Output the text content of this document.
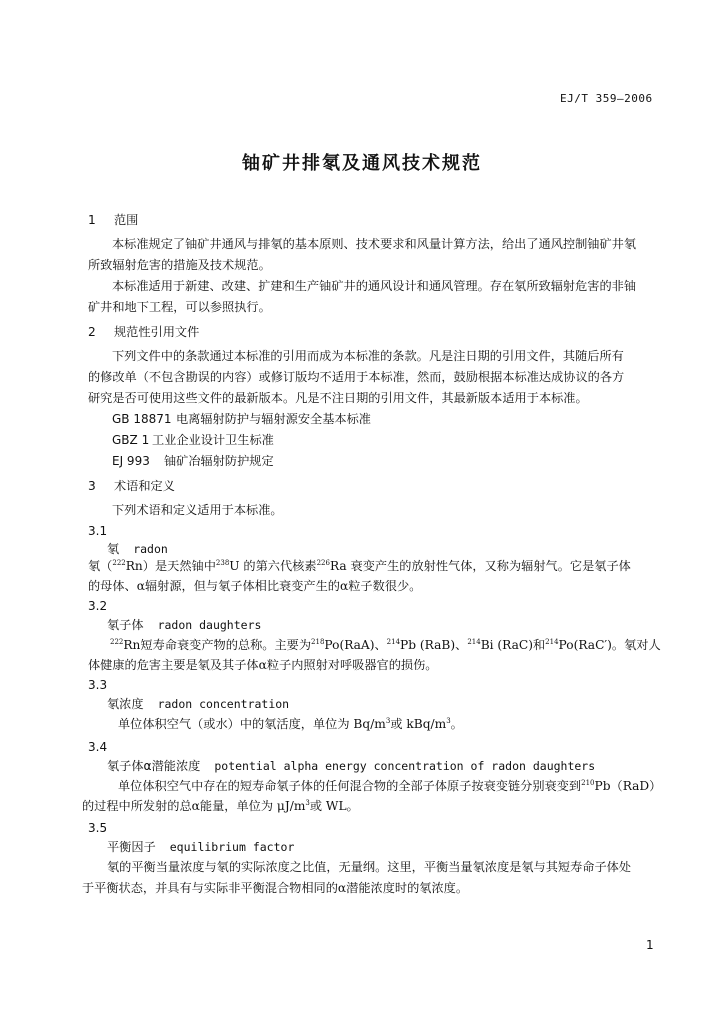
EJ/T 359—2006
铀矿井排氡及通风技术规范
1 范围
本标准规定了铀矿井通风与排氡的基本原则、技术要求和风量计算方法，给出了通风控制铀矿井氡
所致辐射危害的措施及技术规范。
本标准适用于新建、改建、扩建和生产铀矿井的通风设计和通风管理。存在氡所致辐射危害的非铀
矿井和地下工程，可以参照执行。
2 规范性引用文件
下列文件中的条款通过本标准的引用而成为本标准的条款。凡是注日期的引用文件，其随后所有
的修改单（不包含勘误的内容）或修订版均不适用于本标准，然而，鼓励根据本标准达成协议的各方
研究是否可使用这些文件的最新版本。凡是不注日期的引用文件，其最新版本适用于本标准。
GB 18871 电离辐射防护与辐射源安全基本标准
GBZ 1 工业企业设计卫生标准
EJ 993 铀矿冶辐射防护规定
3 术语和定义
下列术语和定义适用于本标准。
3.1
氡 radon
氡（$^{222}$Rn）是天然铀中$^{238}$U 的第六代核素$^{226}$Ra 衰变产生的放射性气体，又称为辐射气。它是氡子体
的母体、α辐射源，但与氡子体相比衰变产生的α粒子数很少。
3.2
氡子体 radon daughters
$^{222}$Rn短寿命衰变产物的总称。主要为$^{218}$Po(RaA)、$^{214}$Pb (RaB)、$^{214}$Bi (RaC)和$^{214}$Po(RaC′)。氡对人
体健康的危害主要是氡及其子体α粒子内照射对呼吸器官的损伤。
3.3
氡浓度 radon concentration
单位体积空气（或水）中的氡活度，单位为 $Bq/m^3$或 kBq/$m^3$。
3.4
氡子体α潜能浓度 potential alpha energy concentration of radon daughters
单位体积空气中存在的短寿命氡子体的任何混合物的全部子体原子按衰变链分别衰变到$^{210}$Pb（RaD）
的过程中所发射的总α能量，单位为 $\mu J/m^3$或 WL。
3.5
平衡因子 equilibrium factor
氡的平衡当量浓度与氡的实际浓度之比值，无量纲。这里，平衡当量氡浓度是氡与其短寿命子体处
于平衡状态，并具有与实际非平衡混合物相同的α潜能浓度时的氡浓度。
1
